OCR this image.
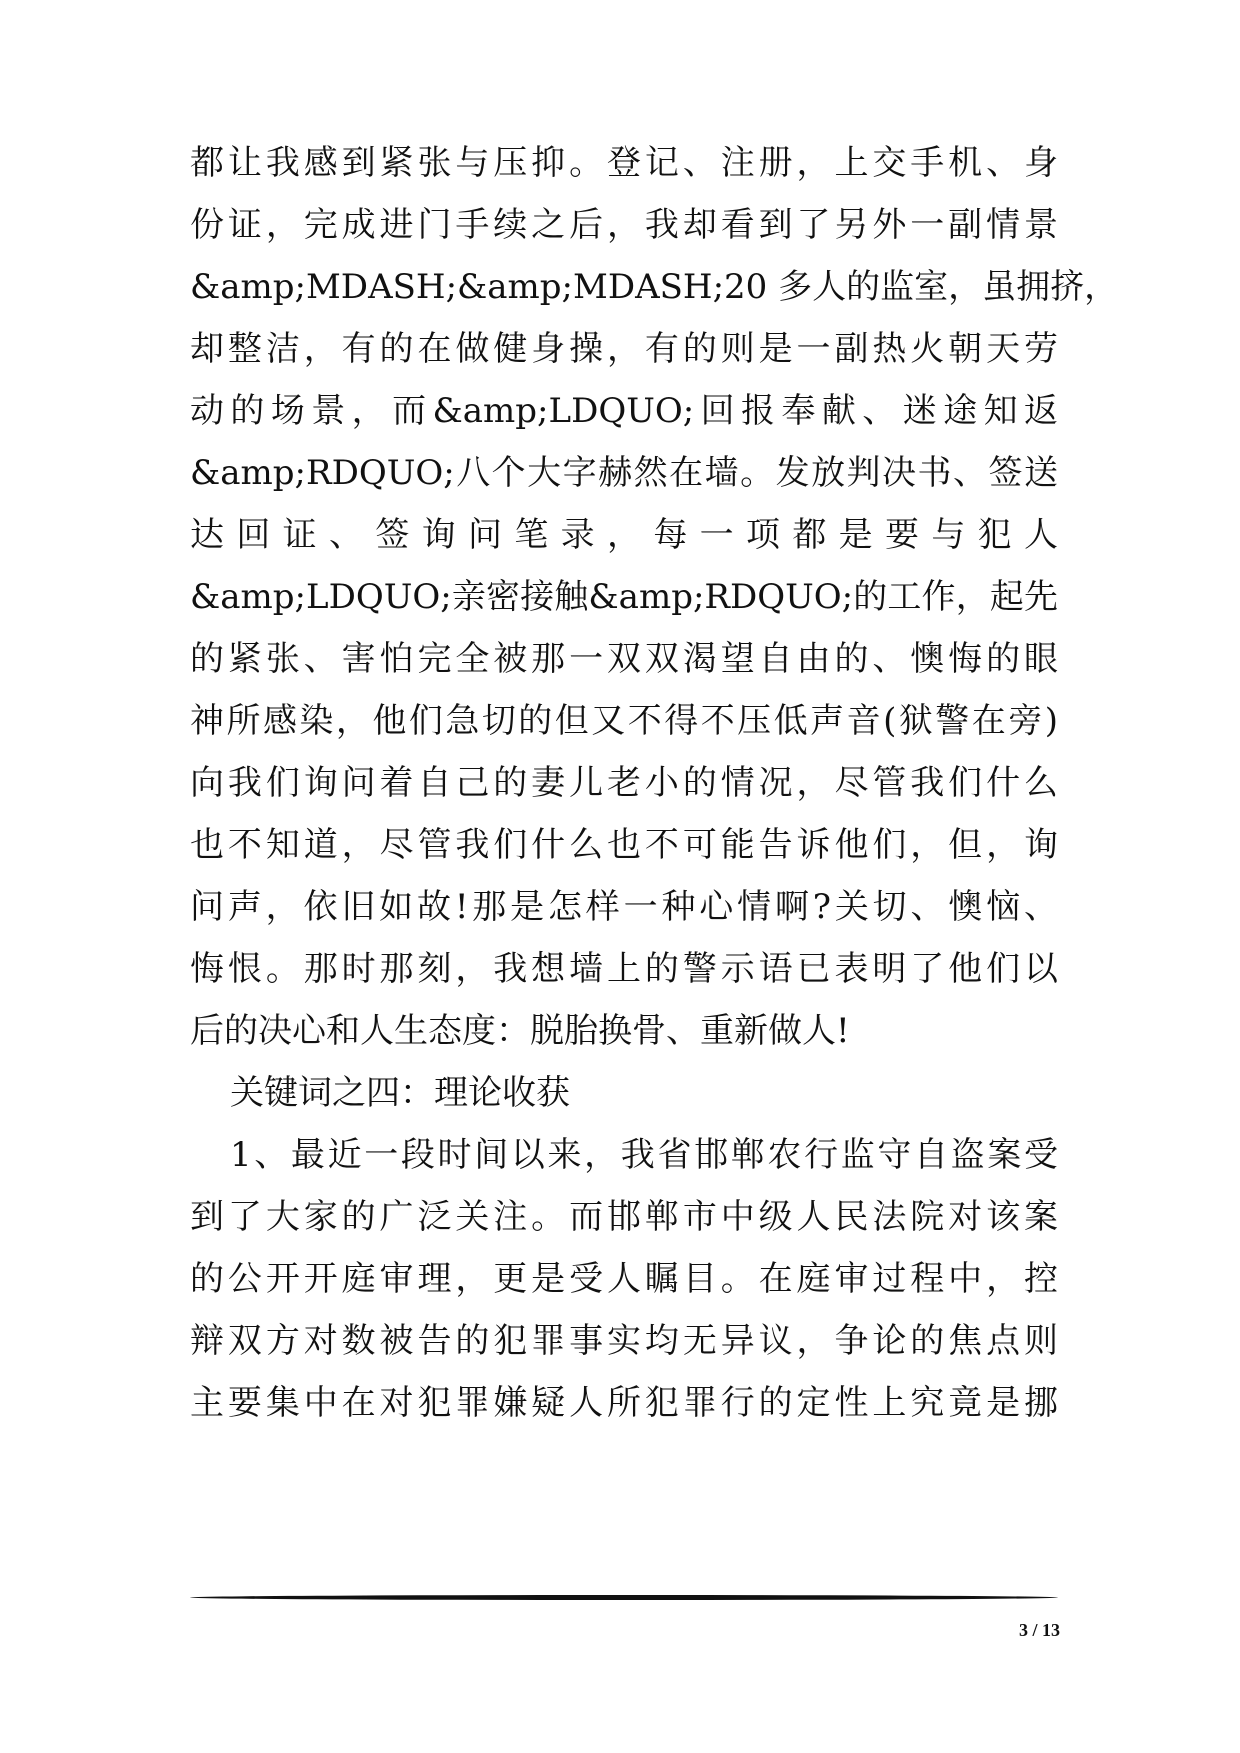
都让我感到紧张与压抑。登记、注册，上交手机、身
份证，完成进门手续之后，我却看到了另外一副情景
&amp;MDASH;&amp;MDASH;20 多人的监室，虽拥挤，
却整洁，有的在做健身操，有的则是一副热火朝天劳
动的场景，而&amp;LDQUO;回报奉献、迷途知返
&amp;RDQUO;八个大字赫然在墙。发放判决书、签送
达回证、签询问笔录，每一项都是要与犯人
&amp;LDQUO;亲密接触&amp;RDQUO;的工作，起先
的紧张、害怕完全被那一双双渴望自由的、懊悔的眼
神所感染，他们急切的但又不得不压低声音(狱警在旁)
向我们询问着自己的妻儿老小的情况，尽管我们什么
也不知道，尽管我们什么也不可能告诉他们，但，询
问声，依旧如故!那是怎样一种心情啊?关切、懊恼、
悔恨。那时那刻，我想墙上的警示语已表明了他们以
后的决心和人生态度：脱胎换骨、重新做人!
关键词之四：理论收获
1、最近一段时间以来，我省邯郸农行监守自盗案受
到了大家的广泛关注。而邯郸市中级人民法院对该案
的公开开庭审理，更是受人瞩目。在庭审过程中，控
辩双方对数被告的犯罪事实均无异议，争论的焦点则
主要集中在对犯罪嫌疑人所犯罪行的定性上究竟是挪
3 / 13
